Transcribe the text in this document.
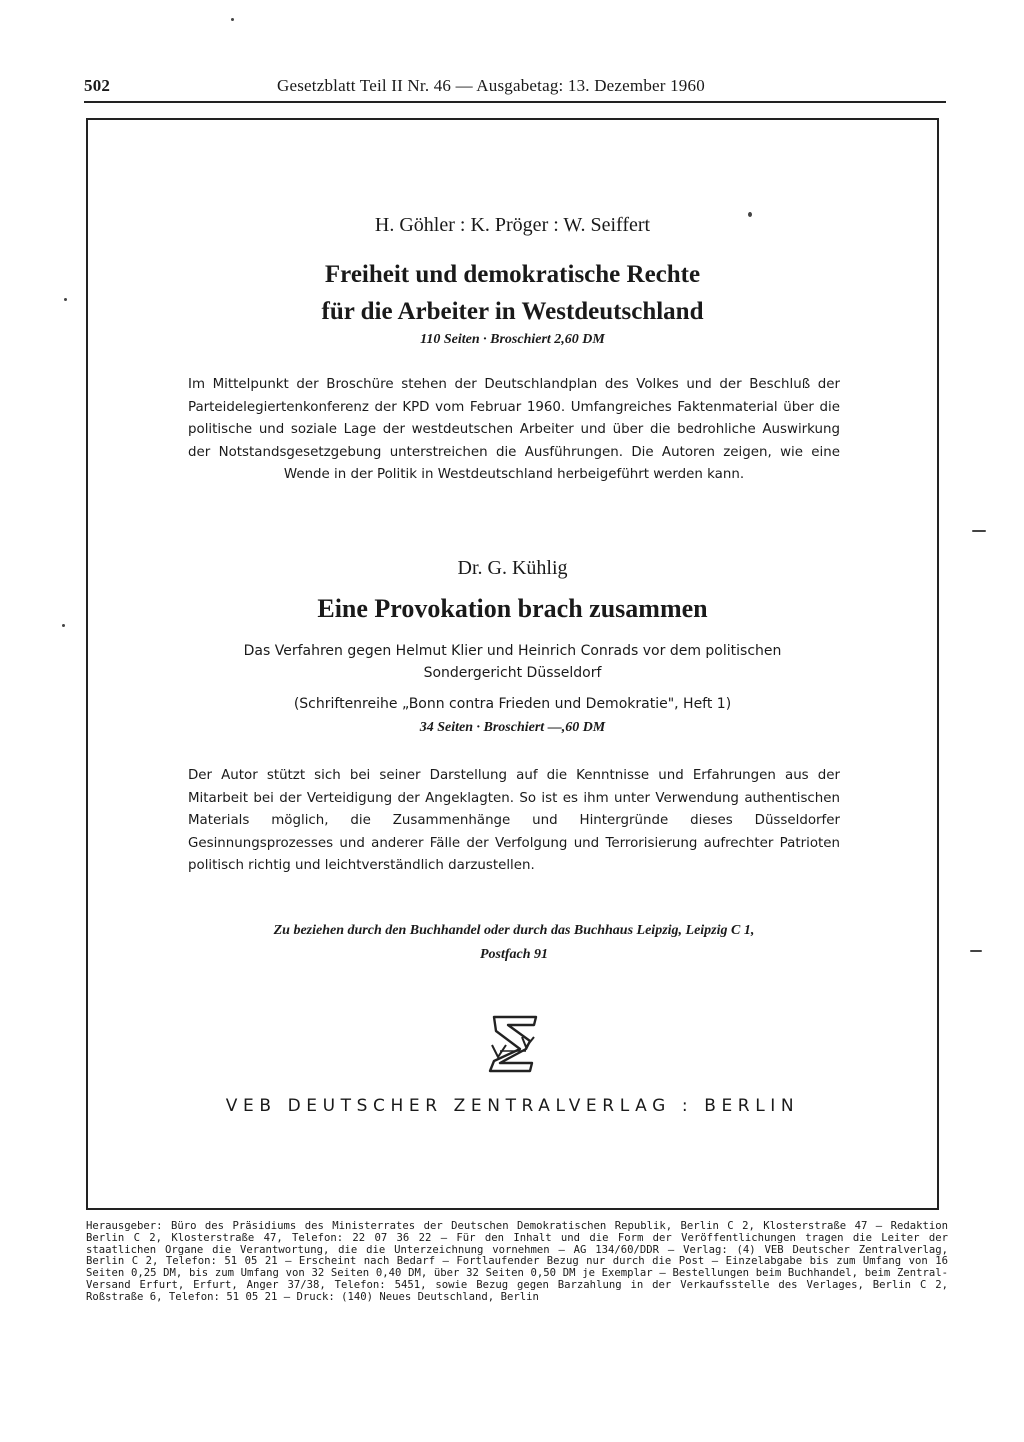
502	Gesetzblatt Teil II Nr. 46 — Ausgabetag: 13. Dezember 1960
H. Göhler : K. Pröger : W. Seiffert
Freiheit und demokratische Rechte
für die Arbeiter in Westdeutschland
110 Seiten · Broschiert 2,60 DM
Im Mittelpunkt der Broschüre stehen der Deutschlandplan des Volkes und der Beschluß der Parteidelegiertenkonferenz der KPD vom Februar 1960. Umfangreiches Faktenmaterial über die politische und soziale Lage der westdeutschen Arbeiter und über die bedrohliche Auswirkung der Notstandsgesetzgebung unterstreichen die Ausführungen. Die Autoren zeigen, wie eine Wende in der Politik in Westdeutschland herbeigeführt werden kann.
Dr. G. Kühlig
Eine Provokation brach zusammen
Das Verfahren gegen Helmut Klier und Heinrich Conrads vor dem politischen
Sondergericht Düsseldorf
(Schriftenreihe „Bonn contra Frieden und Demokratie", Heft 1)
34 Seiten · Broschiert —,60 DM
Der Autor stützt sich bei seiner Darstellung auf die Kenntnisse und Erfahrungen aus der Mitarbeit bei der Verteidigung der Angeklagten. So ist es ihm unter Verwendung authentischen Materials möglich, die Zusammenhänge und Hintergründe dieses Düsseldorfer Gesinnungsprozesses und anderer Fälle der Verfolgung und Terrorisierung aufrechter Patrioten politisch richtig und leichtverständlich darzustellen.
Zu beziehen durch den Buchhandel oder durch das Buchhaus Leipzig, Leipzig C 1,
Postfach 91
VEB DEUTSCHER ZENTRALVERLAG : BERLIN
Herausgeber: Büro des Präsidiums des Ministerrates der Deutschen Demokratischen Republik, Berlin C 2, Klosterstraße 47 — Redaktion Berlin C 2, Klosterstraße 47, Telefon: 22 07 36 22 — Für den Inhalt und die Form der Veröffentlichungen tragen die Leiter der staatlichen Organe die Verantwortung, die die Unterzeichnung vornehmen — AG 134/60/DDR — Verlag: (4) VEB Deutscher Zentralverlag, Berlin C 2, Telefon: 51 05 21 — Erscheint nach Bedarf — Fortlaufender Bezug nur durch die Post — Einzelabgabe bis zum Umfang von 16 Seiten 0,25 DM, bis zum Umfang von 32 Seiten 0,40 DM, über 32 Seiten 0,50 DM je Exemplar — Bestellungen beim Buchhandel, beim Zentral-Versand Erfurt, Erfurt, Anger 37/38, Telefon: 5451, sowie Bezug gegen Barzahlung in der Verkaufsstelle des Verlages, Berlin C 2, Roßstraße 6, Telefon: 51 05 21 — Druck: (140) Neues Deutschland, Berlin
